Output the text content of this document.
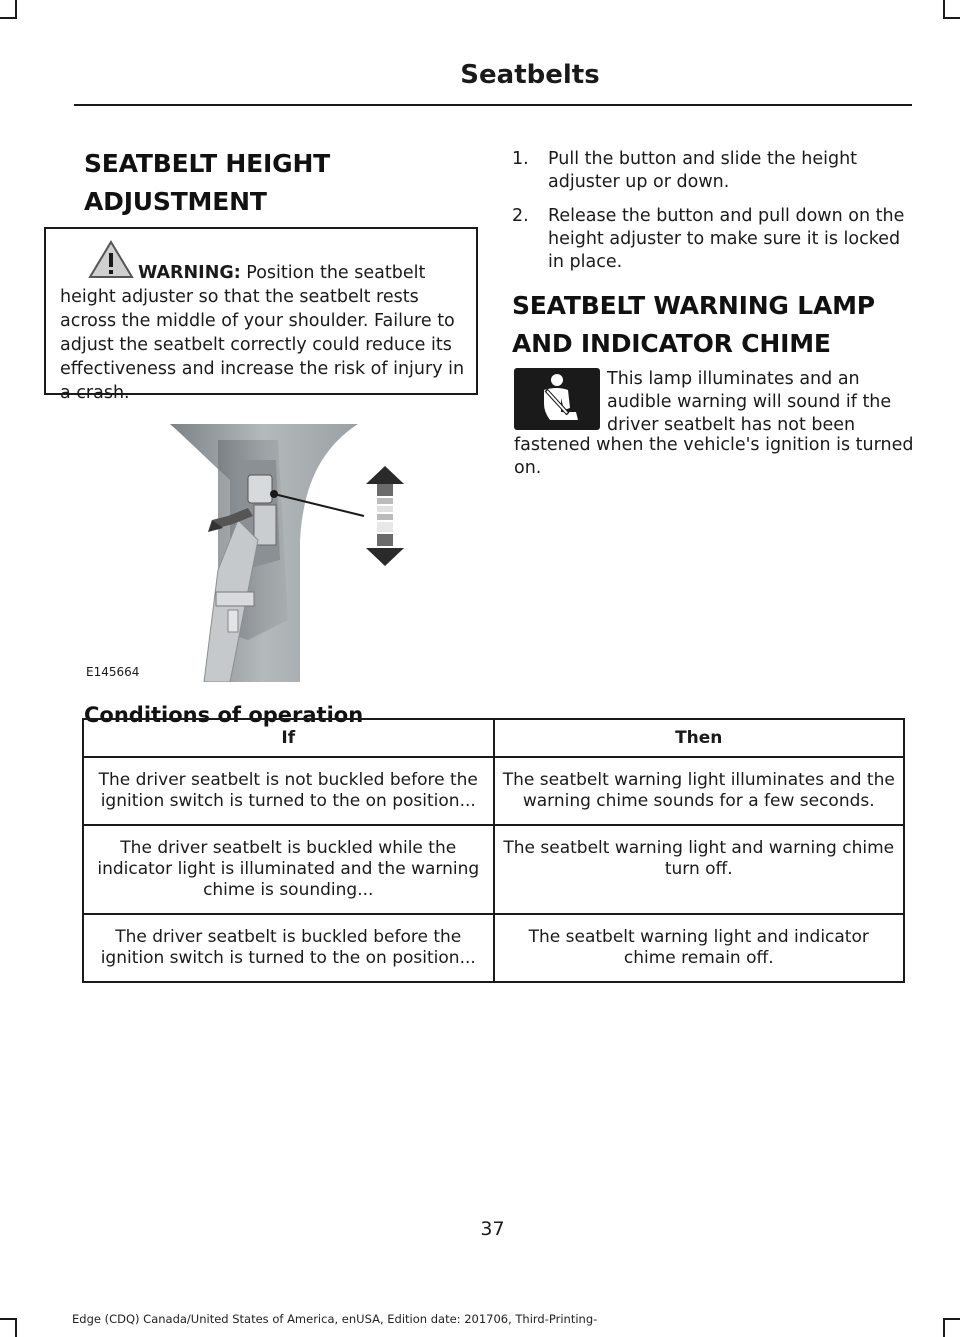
Seatbelts
SEATBELT HEIGHT
ADJUSTMENT
WARNING: Position the seatbelt height adjuster so that the seatbelt rests across the middle of your shoulder. Failure to adjust the seatbelt correctly could reduce its effectiveness and increase the risk of injury in a crash.
E145664
1. Pull the button and slide the height adjuster up or down.
2. Release the button and pull down on the height adjuster to make sure it is locked in place.
SEATBELT WARNING LAMP
AND INDICATOR CHIME
This lamp illuminates and an audible warning will sound if the driver seatbelt has not been
fastened when the vehicle's ignition is turned on.
Conditions of operation
If	Then
The driver seatbelt is not buckled before the ignition switch is turned to the on position...	The seatbelt warning light illuminates and the warning chime sounds for a few seconds.
The driver seatbelt is buckled while the indicator light is illuminated and the warning chime is sounding...	The seatbelt warning light and warning chime turn off.
The driver seatbelt is buckled before the ignition switch is turned to the on position...	The seatbelt warning light and indicator chime remain off.
37
Edge (CDQ) Canada/United States of America, enUSA, Edition date: 201706, Third-Printing-
